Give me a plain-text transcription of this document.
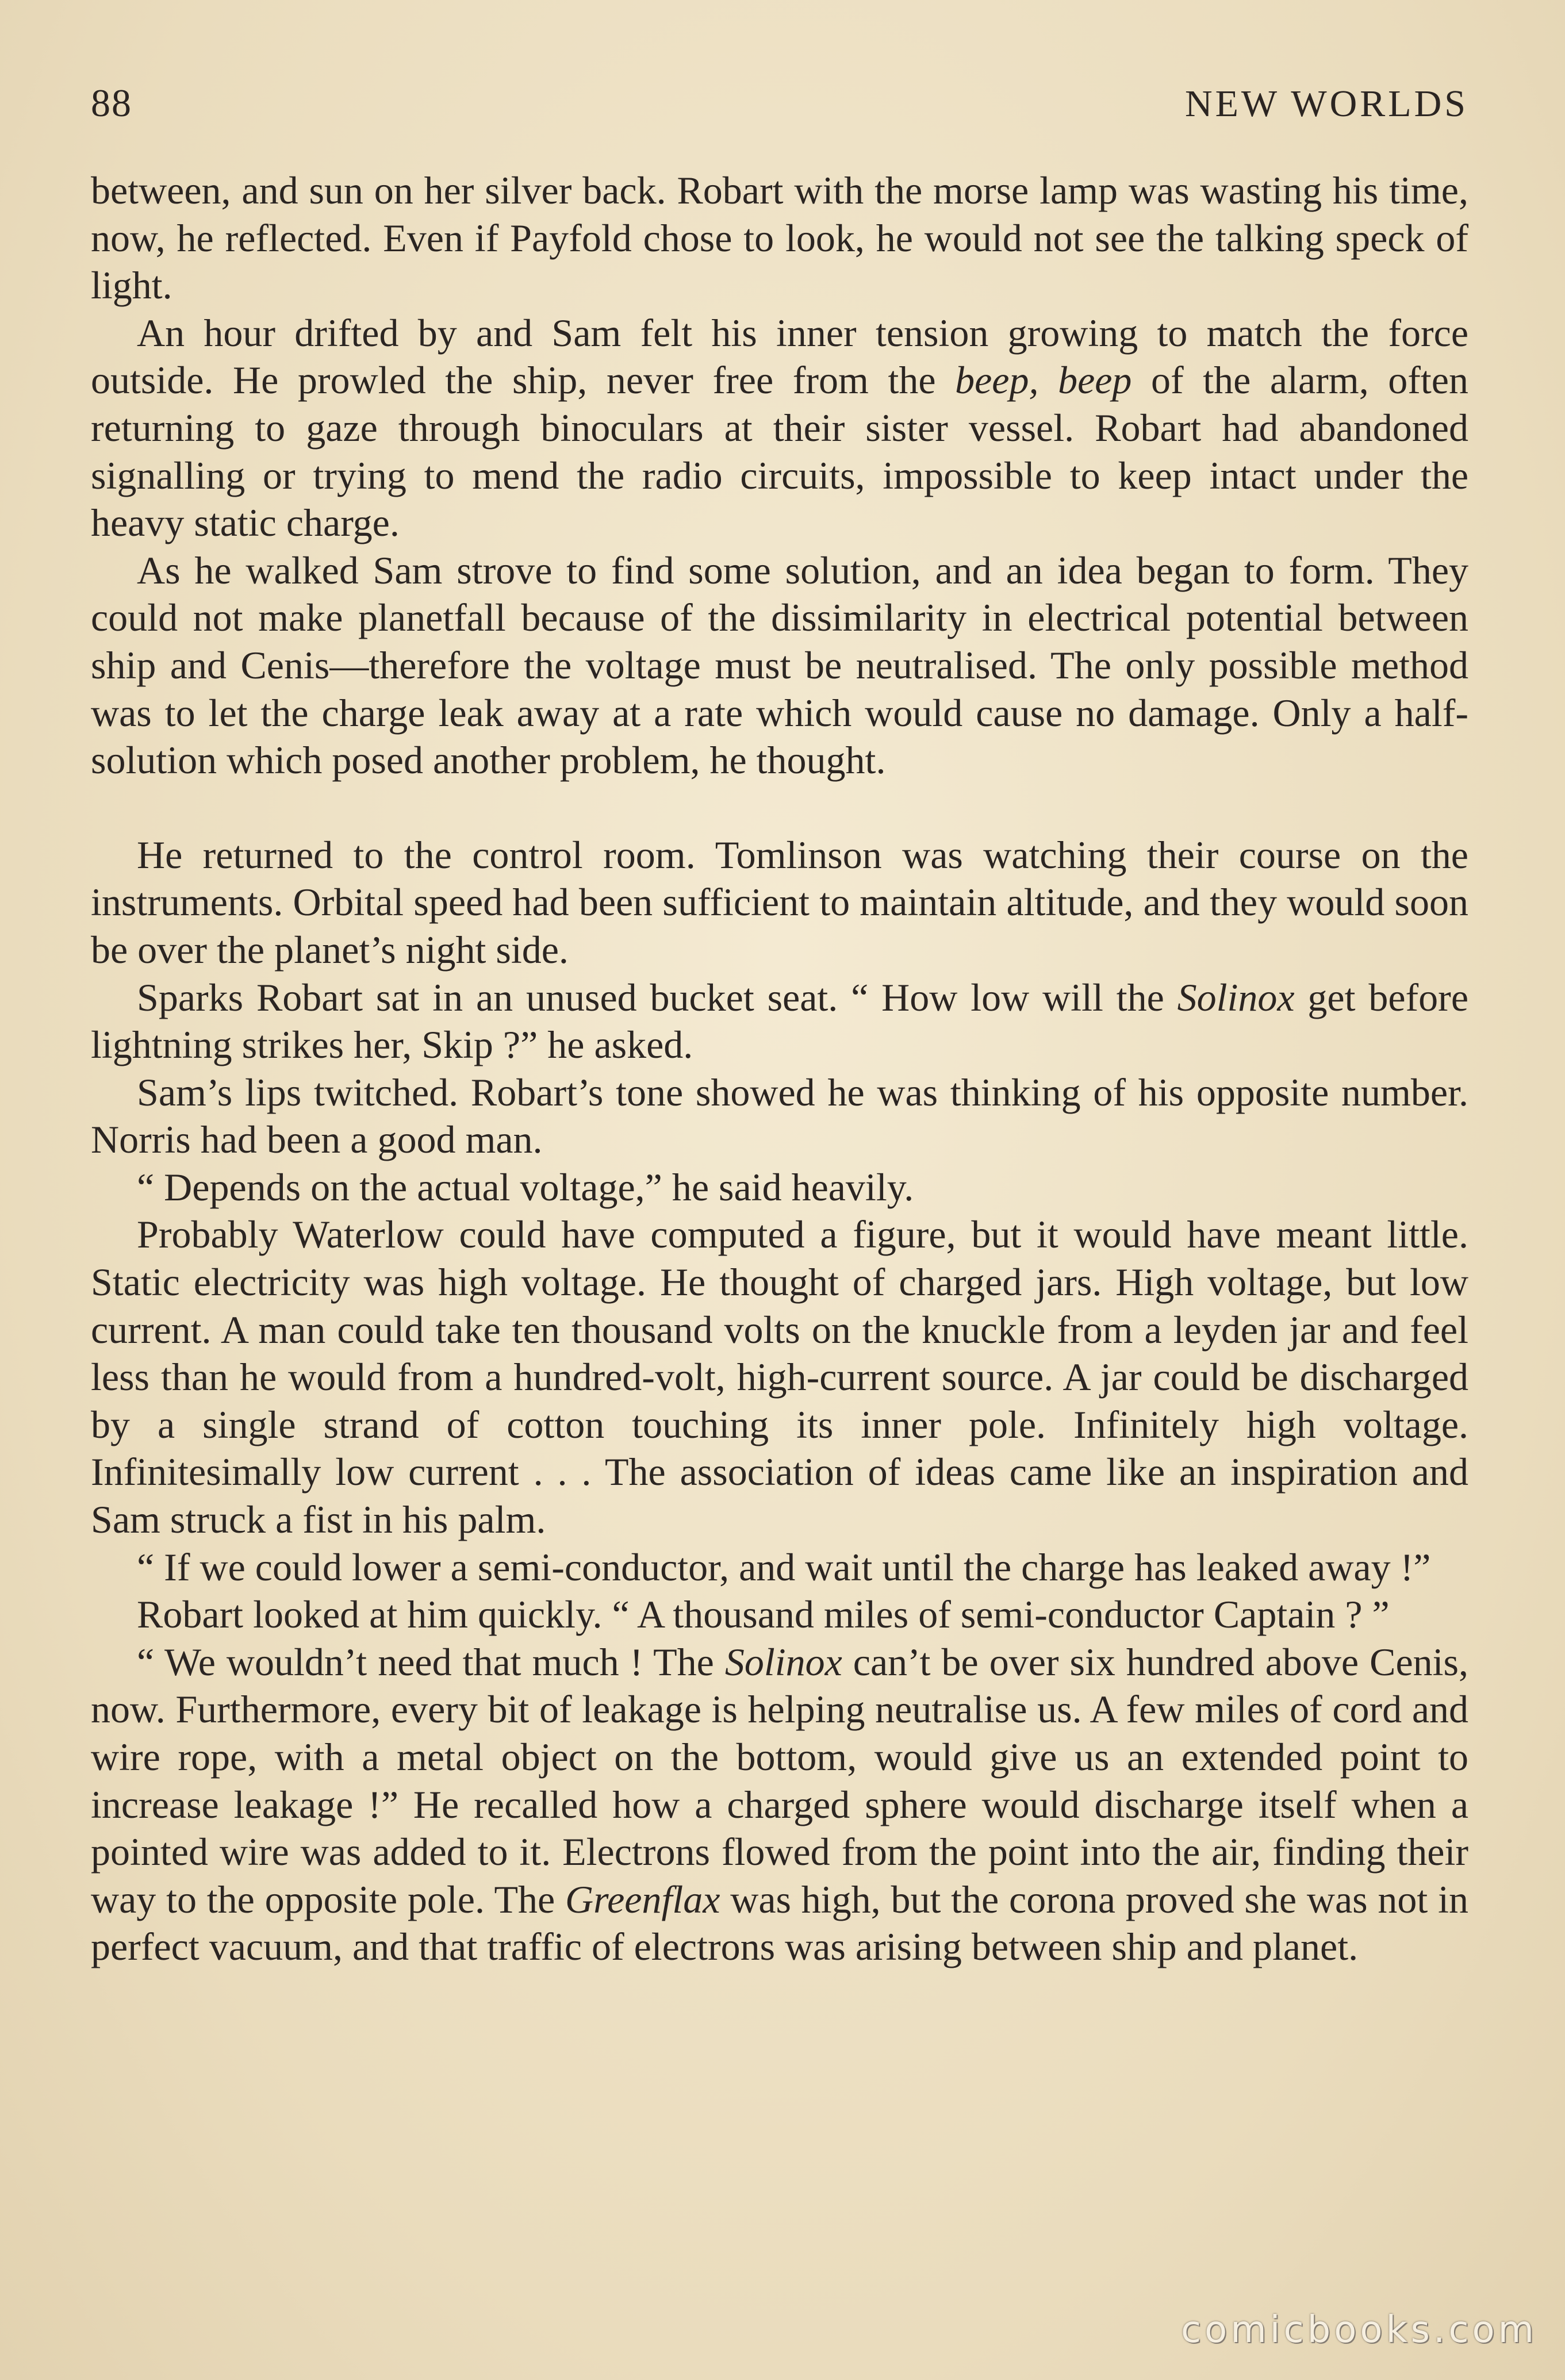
88	NEW WORLDS

between, and sun on her silver back. Robart with the morse lamp was wasting his time, now, he reflected. Even if Payfold chose to look, he would not see the talking speck of light.

An hour drifted by and Sam felt his inner tension growing to match the force outside. He prowled the ship, never free from the beep, beep of the alarm, often returning to gaze through binoculars at their sister vessel. Robart had abandoned signalling or trying to mend the radio circuits, impossible to keep intact under the heavy static charge.

As he walked Sam strove to find some solution, and an idea began to form. They could not make planetfall because of the dissimilarity in electrical potential between ship and Cenis—therefore the voltage must be neutralised. The only possible method was to let the charge leak away at a rate which would cause no damage. Only a half-solution which posed another problem, he thought.

He returned to the control room. Tomlinson was watching their course on the instruments. Orbital speed had been sufficient to maintain altitude, and they would soon be over the planet’s night side.

Sparks Robart sat in an unused bucket seat. “ How low will the Solinox get before lightning strikes her, Skip ?” he asked.

Sam’s lips twitched. Robart’s tone showed he was thinking of his opposite number. Norris had been a good man.

“ Depends on the actual voltage,” he said heavily.

Probably Waterlow could have computed a figure, but it would have meant little. Static electricity was high voltage. He thought of charged jars. High voltage, but low current. A man could take ten thousand volts on the knuckle from a leyden jar and feel less than he would from a hundred-volt, high-current source. A jar could be discharged by a single strand of cotton touching its inner pole. Infinitely high voltage. Infinitesimally low current . . . The association of ideas came like an inspiration and Sam struck a fist in his palm.

“ If we could lower a semi-conductor, and wait until the charge has leaked away !”

Robart looked at him quickly. “ A thousand miles of semi-conductor Captain ? ”

“ We wouldn’t need that much ! The Solinox can’t be over six hundred above Cenis, now. Furthermore, every bit of leakage is helping neutralise us. A few miles of cord and wire rope, with a metal object on the bottom, would give us an extended point to increase leakage !” He recalled how a charged sphere would discharge itself when a pointed wire was added to it. Electrons flowed from the point into the air, finding their way to the opposite pole. The Greenflax was high, but the corona proved she was not in perfect vacuum, and that traffic of electrons was arising between ship and planet.

comicbooks.com
